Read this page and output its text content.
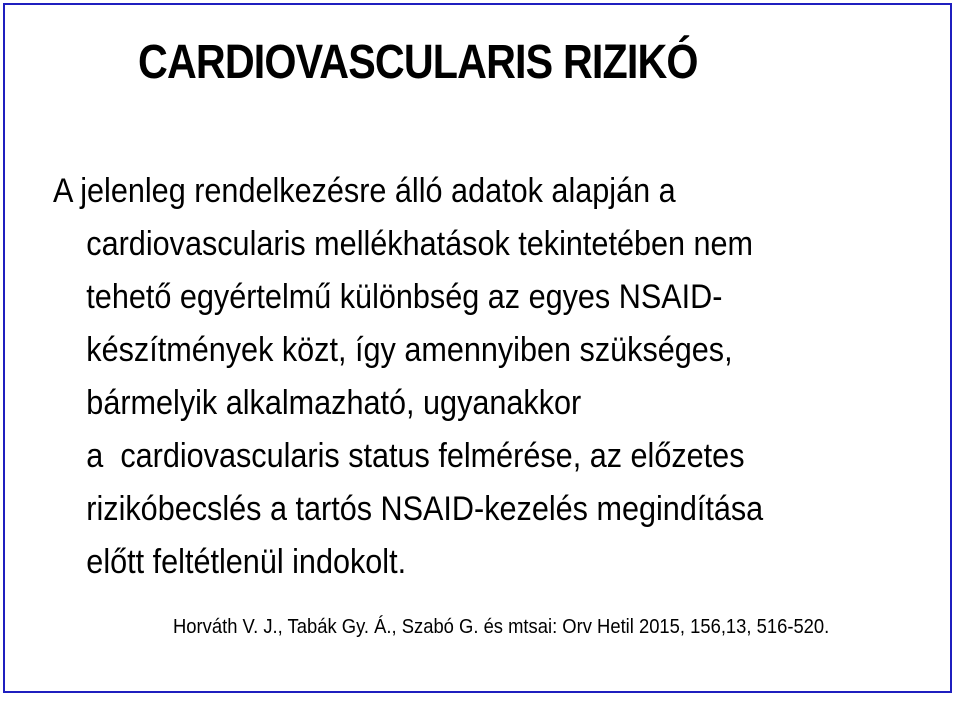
CARDIOVASCULARIS RIZIKÓ
A jelenleg rendelkezésre álló adatok alapján a
cardiovascularis mellékhatások tekintetében nem
tehető egyértelmű különbség az egyes NSAID-
készítmények közt, így amennyiben szükséges,
bármelyik alkalmazható, ugyanakkor
a  cardiovascularis status felmérése, az előzetes
rizikóbecslés a tartós NSAID-kezelés megindítása
előtt feltétlenül indokolt.

Horváth V. J., Tabák Gy. Á., Szabó G. és mtsai: Orv Hetil 2015, 156,13, 516-520.
